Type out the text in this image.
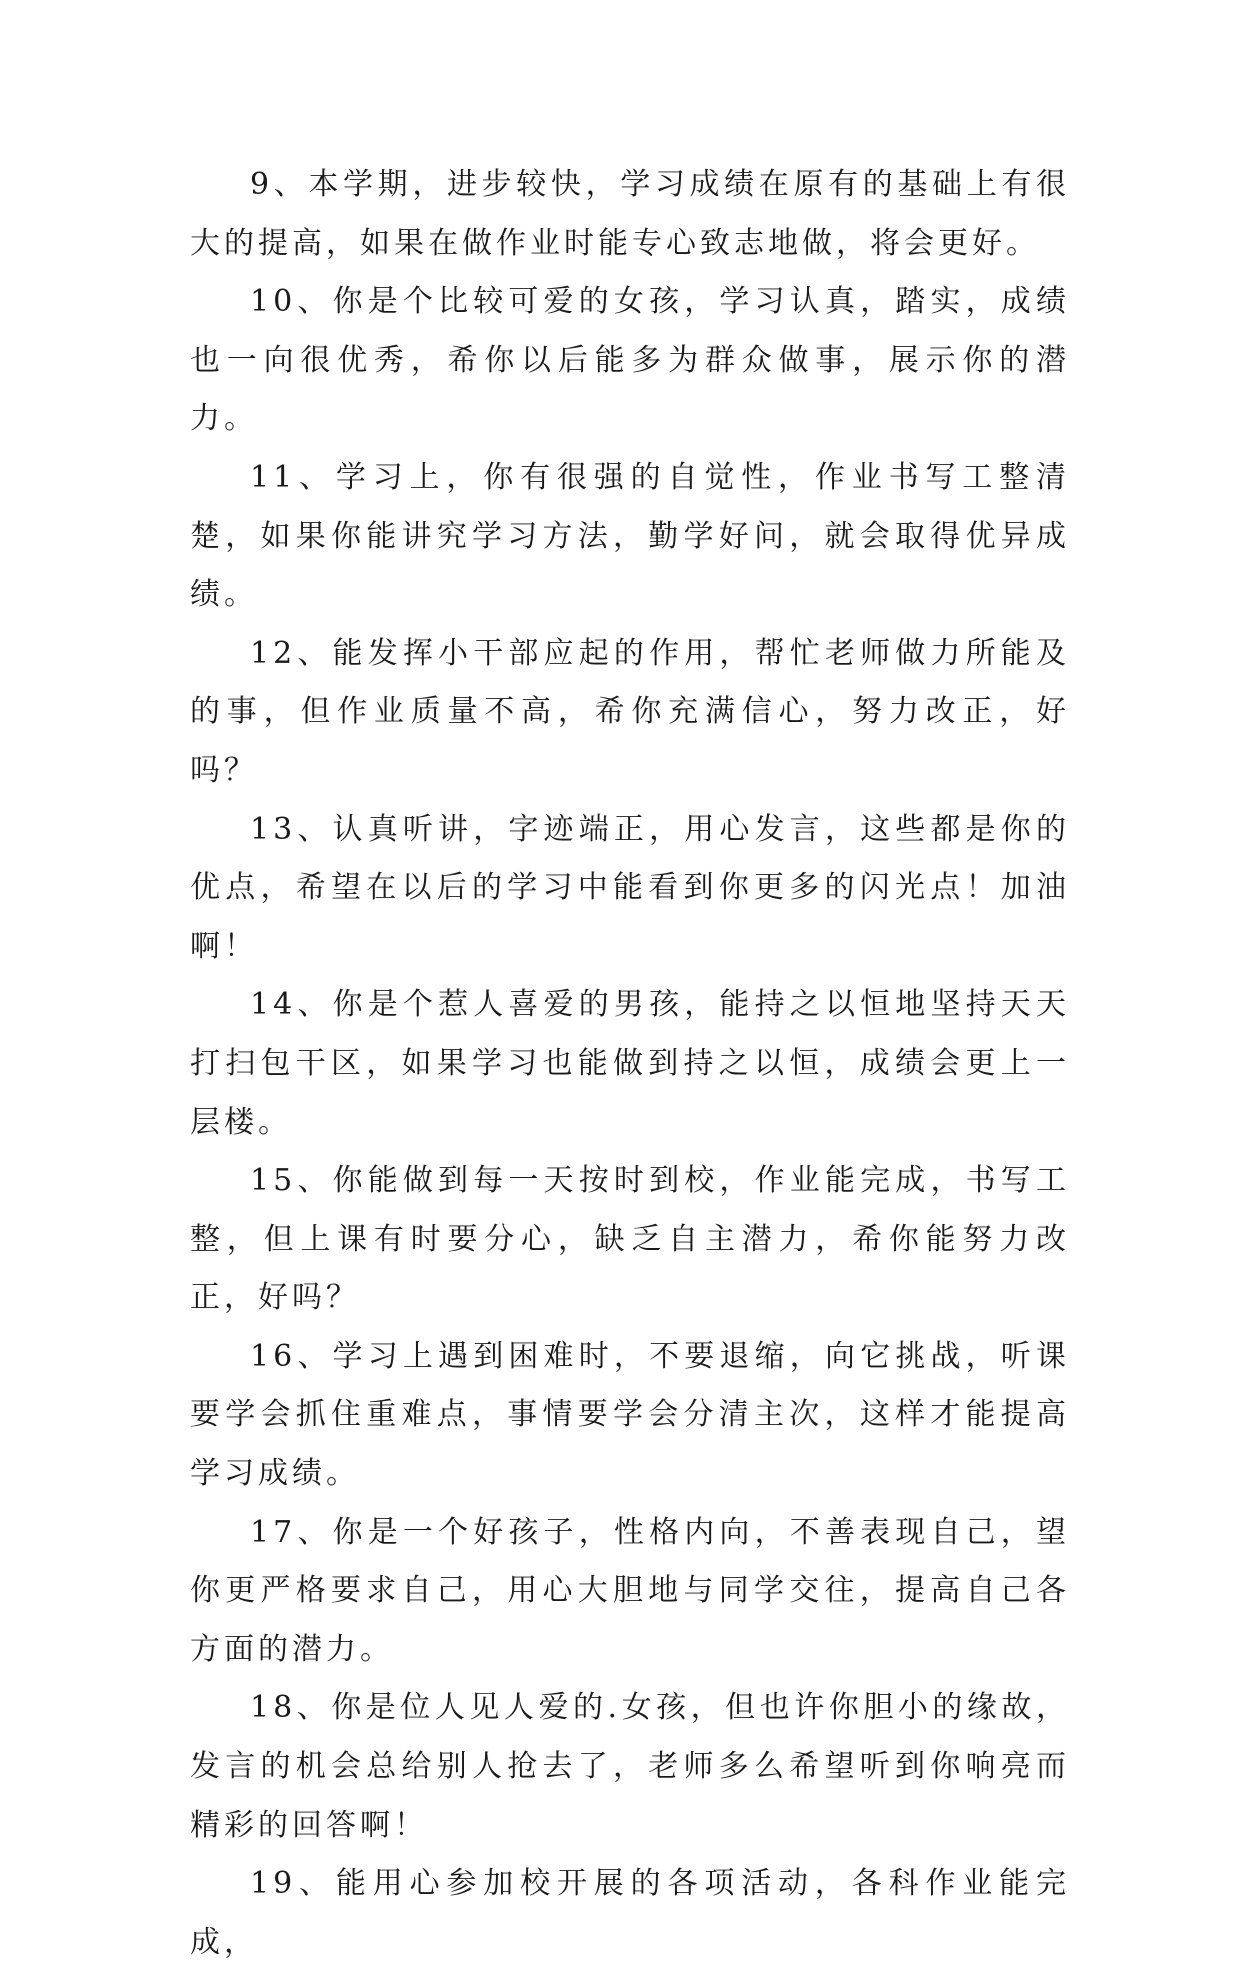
9、本学期，进步较快，学习成绩在原有的基础上有很大的提高，如果在做作业时能专心致志地做，将会更好。

10、你是个比较可爱的女孩，学习认真，踏实，成绩也一向很优秀，希你以后能多为群众做事，展示你的潜力。

11、学习上，你有很强的自觉性，作业书写工整清楚，如果你能讲究学习方法，勤学好问，就会取得优异成绩。

12、能发挥小干部应起的作用，帮忙老师做力所能及的事，但作业质量不高，希你充满信心，努力改正，好吗？

13、认真听讲，字迹端正，用心发言，这些都是你的优点，希望在以后的学习中能看到你更多的闪光点！加油啊！

14、你是个惹人喜爱的男孩，能持之以恒地坚持天天打扫包干区，如果学习也能做到持之以恒，成绩会更上一层楼。

15、你能做到每一天按时到校，作业能完成，书写工整，但上课有时要分心，缺乏自主潜力，希你能努力改正，好吗？

16、学习上遇到困难时，不要退缩，向它挑战，听课要学会抓住重难点，事情要学会分清主次，这样才能提高学习成绩。

17、你是一个好孩子，性格内向，不善表现自己，望你更严格要求自己，用心大胆地与同学交往，提高自己各方面的潜力。

18、你是位人见人爱的.女孩，但也许你胆小的缘故，发言的机会总给别人抢去了，老师多么希望听到你响亮而精彩的回答啊！

19、能用心参加校开展的各项活动，各科作业能完成，
